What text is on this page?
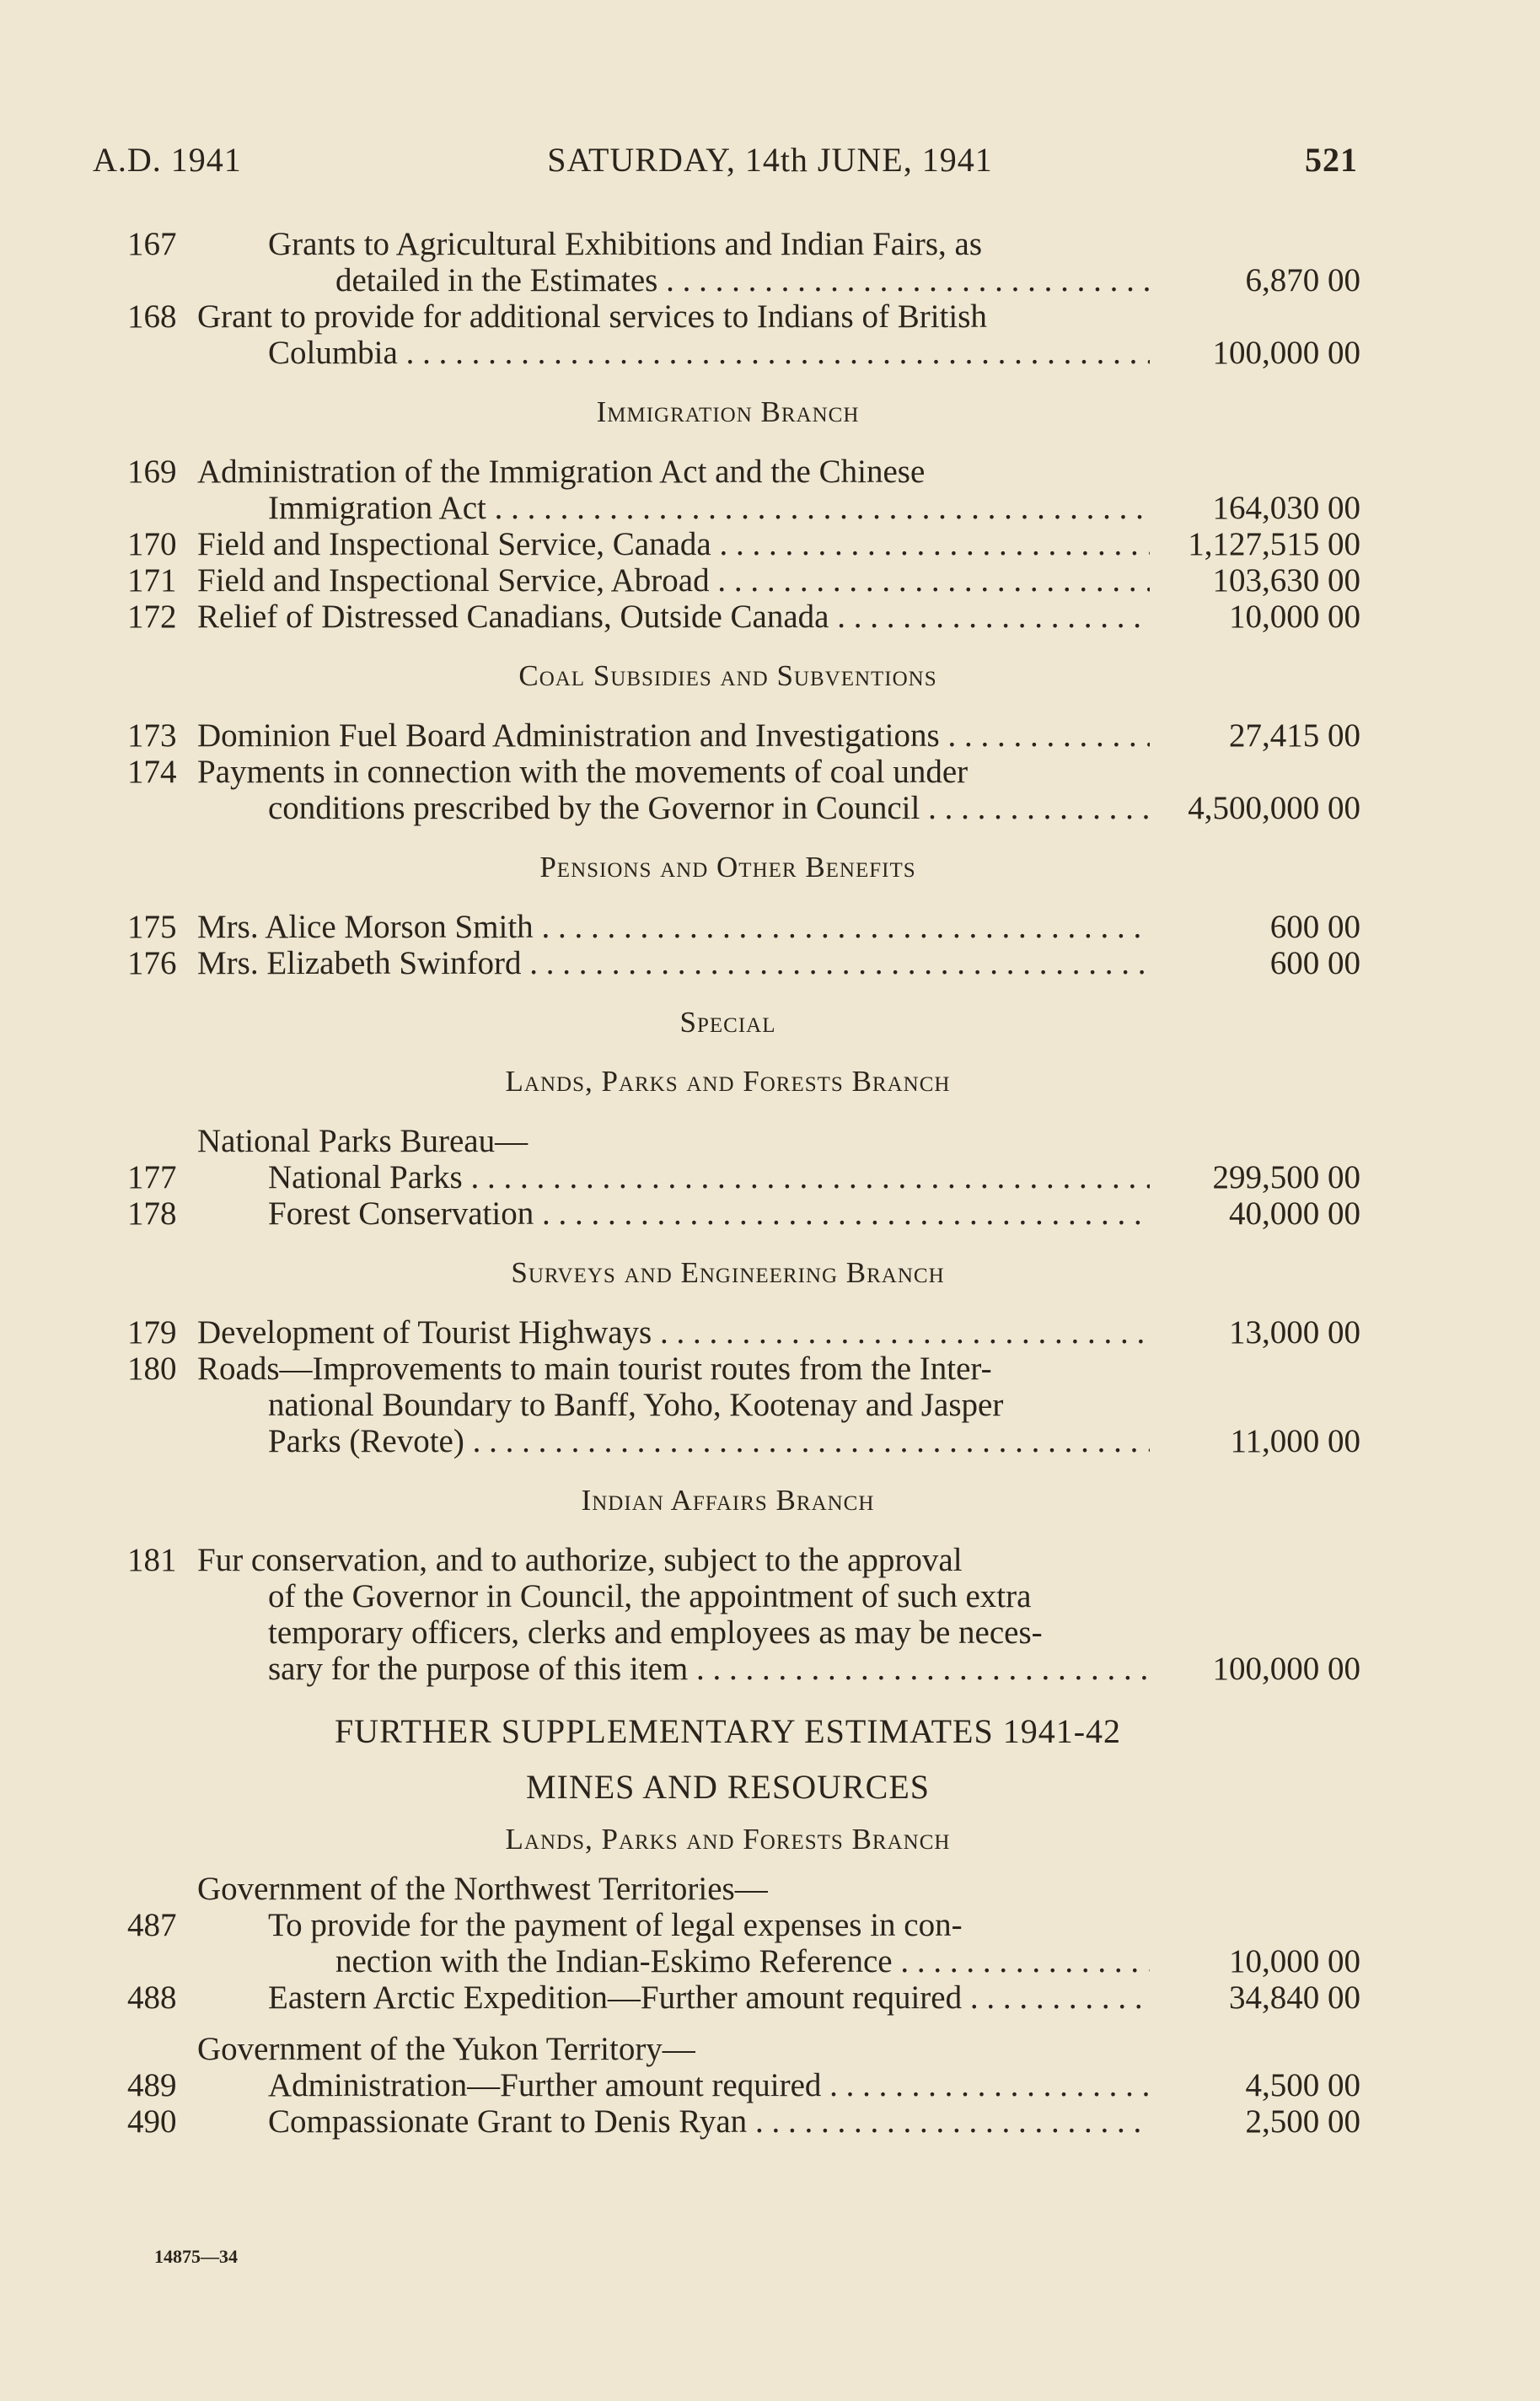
A.D. 1941	SATURDAY, 14th JUNE, 1941	521
167	Grants to Agricultural Exhibitions and Indian Fairs, as
detailed in the Estimates . . .	6,870 00
168 Grant to provide for additional services to Indians of British
Columbia . . .	100,000 00
Immigration Branch
169 Administration of the Immigration Act and the Chinese
Immigration Act . . .	164,030 00
170 Field and Inspectional Service, Canada . . .	1,127,515 00
171 Field and Inspectional Service, Abroad . . .	103,630 00
172 Relief of Distressed Canadians, Outside Canada . . .	10,000 00
Coal Subsidies and Subventions
173 Dominion Fuel Board Administration and Investigations . . .	27,415 00
174 Payments in connection with the movements of coal under
conditions prescribed by the Governor in Council . . .	4,500,000 00
Pensions and Other Benefits
175 Mrs. Alice Morson Smith . . .	600 00
176 Mrs. Elizabeth Swinford . . .	600 00
Special
Lands, Parks and Forests Branch
National Parks Bureau—
177	National Parks . . .	299,500 00
178	Forest Conservation . . .	40,000 00
Surveys and Engineering Branch
179 Development of Tourist Highways . . .	13,000 00
180 Roads—Improvements to main tourist routes from the Inter-
national Boundary to Banff, Yoho, Kootenay and Jasper
Parks (Revote) . . .	11,000 00
Indian Affairs Branch
181 Fur conservation, and to authorize, subject to the approval
of the Governor in Council, the appointment of such extra
temporary officers, clerks and employees as may be neces-
sary for the purpose of this item . . .	100,000 00
FURTHER SUPPLEMENTARY ESTIMATES 1941-42
MINES AND RESOURCES
Lands, Parks and Forests Branch
Government of the Northwest Territories—
487	To provide for the payment of legal expenses in con-
nection with the Indian-Eskimo Reference . . .	10,000 00
488	Eastern Arctic Expedition—Further amount required . . .	34,840 00
Government of the Yukon Territory—
489	Administration—Further amount required . . .	4,500 00
490	Compassionate Grant to Denis Ryan . . .	2,500 00
14875—34
